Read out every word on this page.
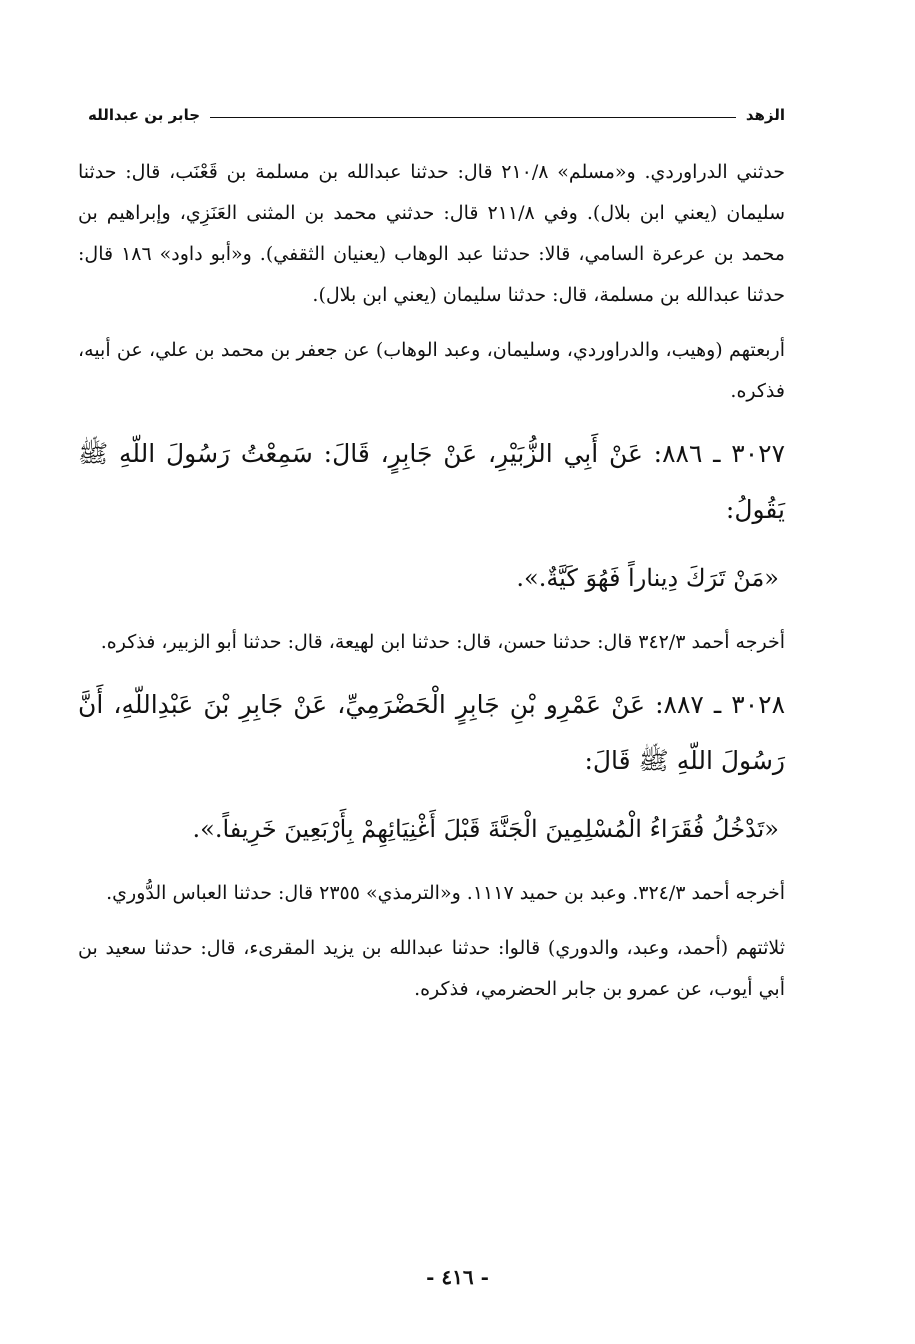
الزهد
جابر بن عبدالله

حدثني الدراوردي. و«مسلم» ٢١٠/٨ قال: حدثنا عبدالله بن مسلمة بن قَعْنَب، قال: حدثنا سليمان (يعني ابن بلال). وفي ٢١١/٨ قال: حدثني محمد بن المثنى العَنَزِي، وإبراهيم بن محمد بن عرعرة السامي، قالا: حدثنا عبد الوهاب (يعنيان الثقفي). و«أبو داود» ١٨٦ قال: حدثنا عبدالله بن مسلمة، قال: حدثنا سليمان (يعني ابن بلال).

أربعتهم (وهيب، والدراوردي، وسليمان، وعبد الوهاب) عن جعفر بن محمد بن علي، عن أبيه، فذكره.

٣٠٢٧ ـ ٨٨٦: عَنْ أَبِي الزُّبَيْرِ، عَنْ جَابِرٍ، قَالَ: سَمِعْتُ رَسُولَ اللّهِ ﷺ يَقُولُ:

«مَنْ تَرَكَ دِيناراً فَهُوَ كَيَّةٌ.».

أخرجه أحمد ٣٤٢/٣ قال: حدثنا حسن، قال: حدثنا ابن لهيعة، قال: حدثنا أبو الزبير، فذكره.

٣٠٢٨ ـ ٨٨٧: عَنْ عَمْرِو بْنِ جَابِرٍ الْحَضْرَمِيِّ، عَنْ جَابِرِ بْنَ عَبْدِاللّهِ، أَنَّ رَسُولَ اللّهِ ﷺ قَالَ:

«تَدْخُلُ فُقَرَاءُ الْمُسْلِمِينَ الْجَنَّةَ قَبْلَ أَغْنِيَائِهِمْ بِأَرْبَعِينَ خَرِيفاً.».

أخرجه أحمد ٣٢٤/٣. وعبد بن حميد ١١١٧. و«الترمذي» ٢٣٥٥ قال: حدثنا العباس الدُّوري.

ثلاثتهم (أحمد، وعبد، والدوري) قالوا: حدثنا عبدالله بن يزيد المقرىء، قال: حدثنا سعيد بن أبي أيوب، عن عمرو بن جابر الحضرمي، فذكره.

- ٤١٦ -
